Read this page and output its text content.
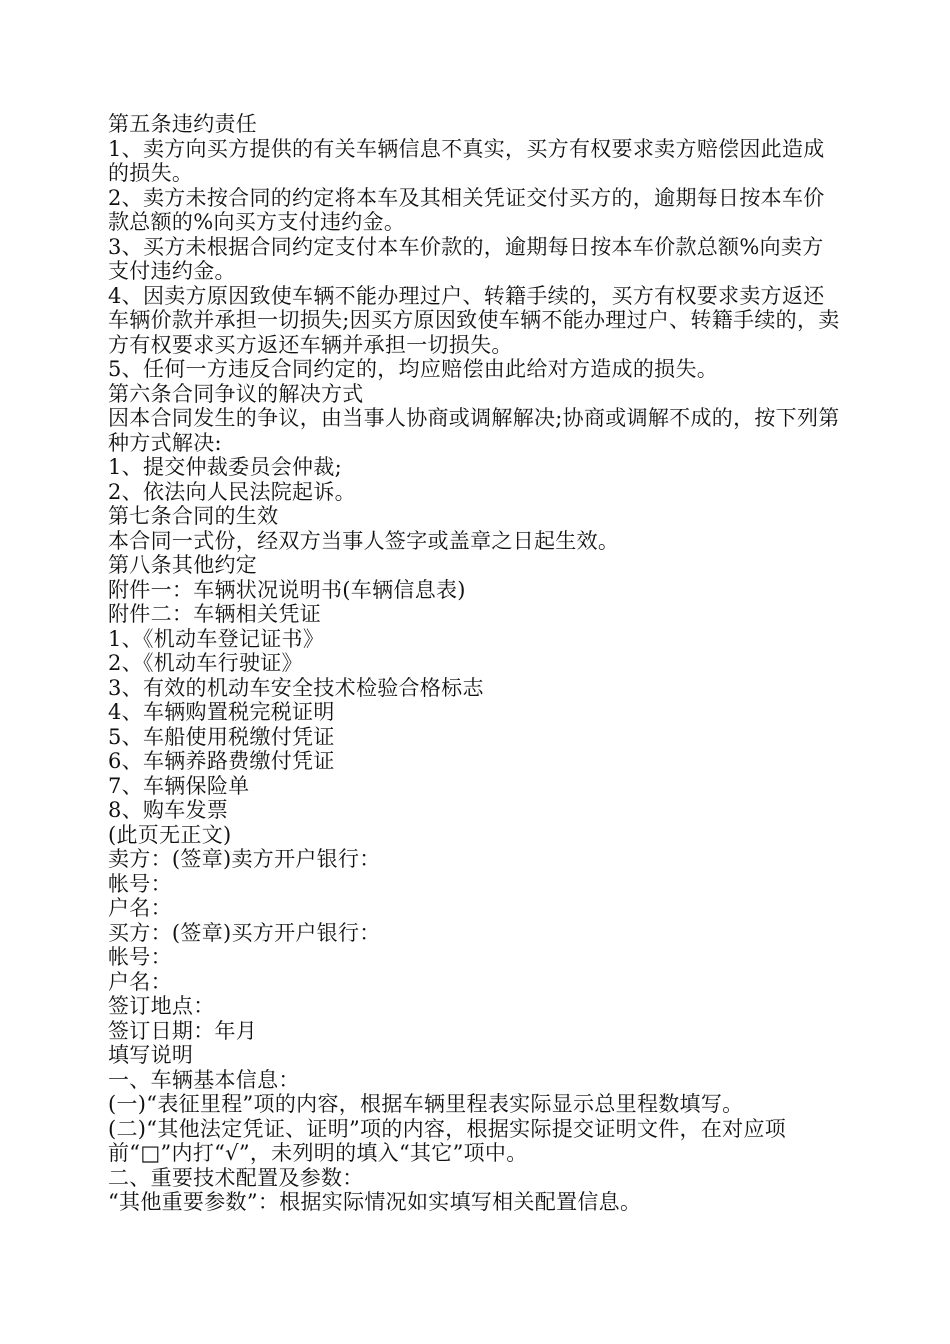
第五条违约责任

1、卖方向买方提供的有关车辆信息不真实，买方有权要求卖方赔偿因此造成的损失。

2、卖方未按合同的约定将本车及其相关凭证交付买方的，逾期每日按本车价款总额的%向买方支付违约金。

3、买方未根据合同约定支付本车价款的，逾期每日按本车价款总额%向卖方支付违约金。

4、因卖方原因致使车辆不能办理过户、转籍手续的，买方有权要求卖方返还车辆价款并承担一切损失;因买方原因致使车辆不能办理过户、转籍手续的，卖方有权要求买方返还车辆并承担一切损失。

5、任何一方违反合同约定的，均应赔偿由此给对方造成的损失。

第六条合同争议的解决方式

因本合同发生的争议，由当事人协商或调解解决;协商或调解不成的，按下列第种方式解决:

1、提交仲裁委员会仲裁;

2、依法向人民法院起诉。

第七条合同的生效

本合同一式份，经双方当事人签字或盖章之日起生效。

第八条其他约定

附件一：车辆状况说明书(车辆信息表)

附件二：车辆相关凭证

1、《机动车登记证书》

2、《机动车行驶证》

3、有效的机动车安全技术检验合格标志

4、车辆购置税完税证明

5、车船使用税缴付凭证

6、车辆养路费缴付凭证

7、车辆保险单

8、购车发票

(此页无正文)

卖方：(签章)卖方开户银行：

帐号：

户名：

买方：(签章)买方开户银行：

帐号：

户名：

签订地点：

签订日期：年月

填写说明

一、车辆基本信息：

(一)“表征里程”项的内容，根据车辆里程表实际显示总里程数填写。

(二)“其他法定凭证、证明”项的内容，根据实际提交证明文件，在对应项前“□”内打“√”，未列明的填入“其它”项中。

二、重要技术配置及参数：

“其他重要参数”：根据实际情况如实填写相关配置信息。
